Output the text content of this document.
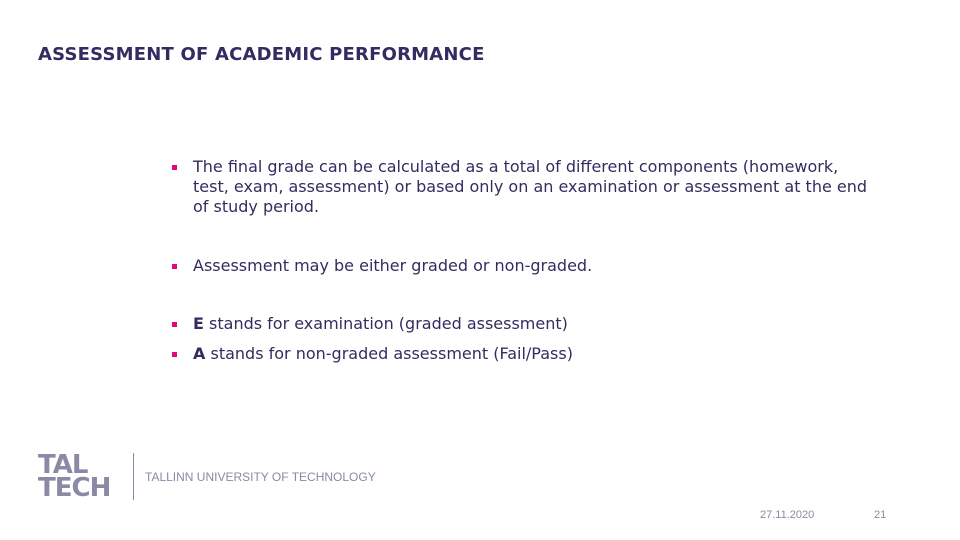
ASSESSMENT OF ACADEMIC PERFORMANCE
The final grade can be calculated as a total of different components (homework, test, exam, assessment) or based only on an examination or assessment at the end of study period.
Assessment may be either graded or non-graded.
E stands for examination (graded assessment)
A stands for non-graded assessment (Fail/Pass)
TAL
TECH	TALLINN UNIVERSITY OF TECHNOLOGY
27.11.2020	21
